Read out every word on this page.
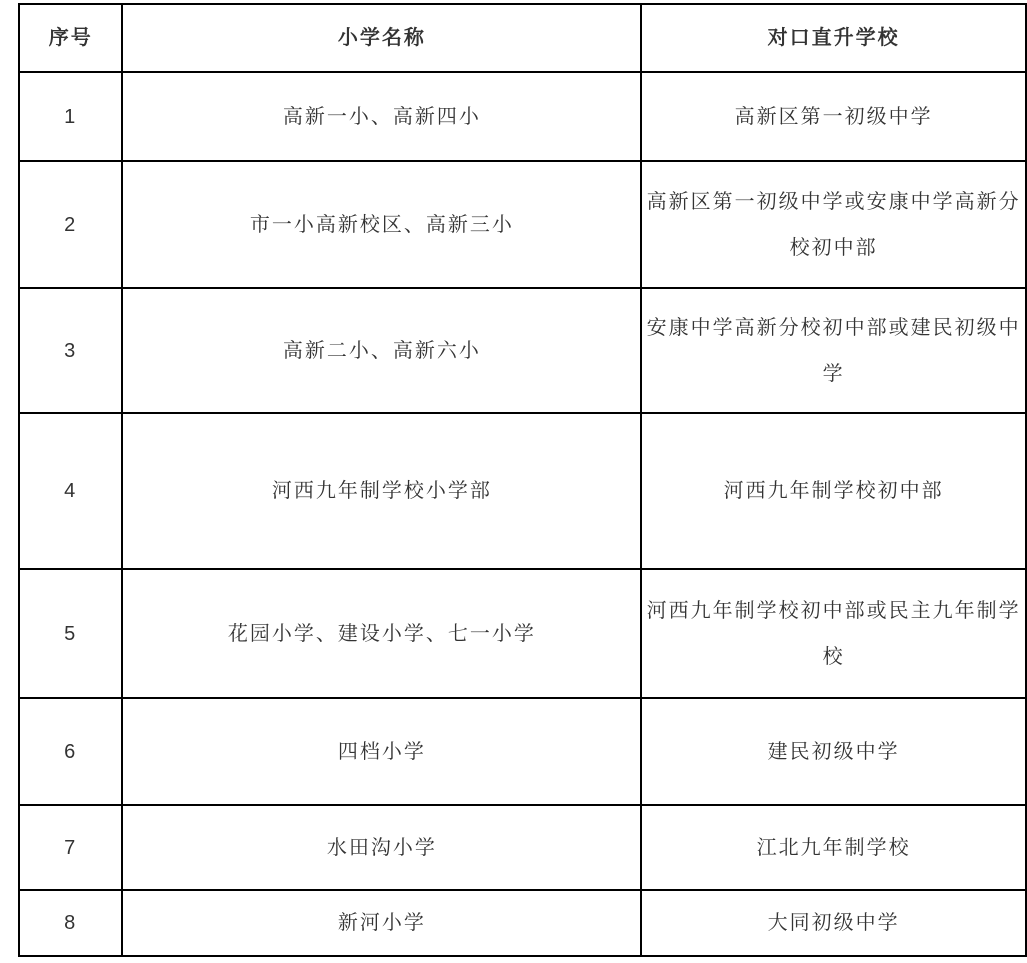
序号	小学名称	对口直升学校
1	高新一小、高新四小	高新区第一初级中学
2	市一小高新校区、高新三小	高新区第一初级中学或安康中学高新分校初中部
3	高新二小、高新六小	安康中学高新分校初中部或建民初级中学
4	河西九年制学校小学部	河西九年制学校初中部
5	花园小学、建设小学、七一小学	河西九年制学校初中部或民主九年制学校
6	四档小学	建民初级中学
7	水田沟小学	江北九年制学校
8	新河小学	大同初级中学
